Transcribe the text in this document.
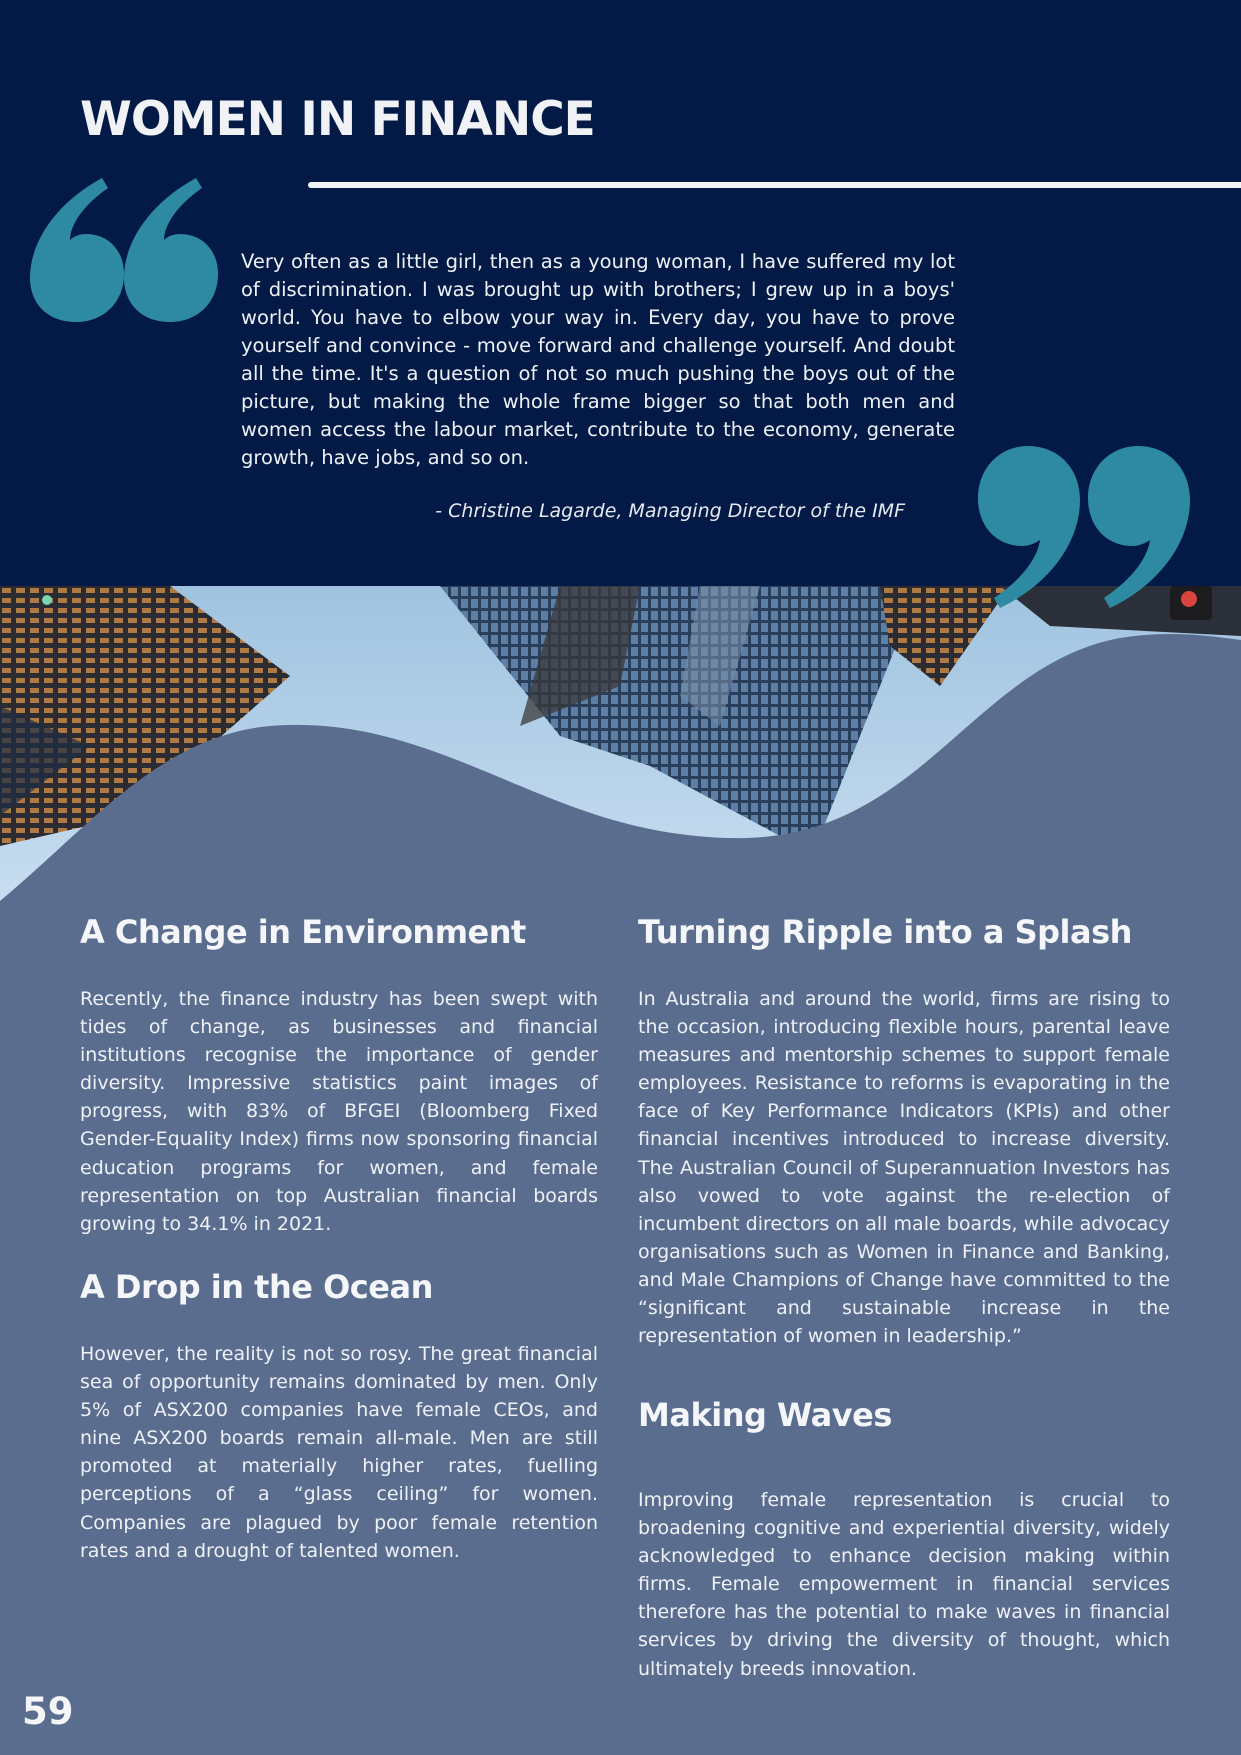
WOMEN IN FINANCE

Very often as a little girl, then as a young woman, I have suffered my lot of discrimination. I was brought up with brothers; I grew up in a boys' world. You have to elbow your way in. Every day, you have to prove yourself and convince - move forward and challenge yourself. And doubt all the time. It's a question of not so much pushing the boys out of the picture, but making the whole frame bigger so that both men and women access the labour market, contribute to the economy, generate growth, have jobs, and so on.

- Christine Lagarde, Managing Director of the IMF

A Change in Environment

Recently, the finance industry has been swept with tides of change, as businesses and financial institutions recognise the importance of gender diversity. Impressive statistics paint images of progress, with 83% of BFGEI (Bloomberg Fixed Gender-Equality Index) firms now sponsoring financial education programs for women, and female representation on top Australian financial boards growing to 34.1% in 2021.

A Drop in the Ocean

However, the reality is not so rosy. The great financial sea of opportunity remains dominated by men. Only 5% of ASX200 companies have female CEOs, and nine ASX200 boards remain all-male. Men are still promoted at materially higher rates, fuelling perceptions of a “glass ceiling” for women. Companies are plagued by poor female retention rates and a drought of talented women.

Turning Ripple into a Splash

In Australia and around the world, firms are rising to the occasion, introducing flexible hours, parental leave measures and mentorship schemes to support female employees. Resistance to reforms is evaporating in the face of Key Performance Indicators (KPIs) and other financial incentives introduced to increase diversity. The Australian Council of Superannuation Investors has also vowed to vote against the re-election of incumbent directors on all male boards, while advocacy organisations such as Women in Finance and Banking, and Male Champions of Change have committed to the “significant and sustainable increase in the representation of women in leadership.”

Making Waves

Improving female representation is crucial to broadening cognitive and experiential diversity, widely acknowledged to enhance decision making within firms. Female empowerment in financial services therefore has the potential to make waves in financial services by driving the diversity of thought, which ultimately breeds innovation.

59
